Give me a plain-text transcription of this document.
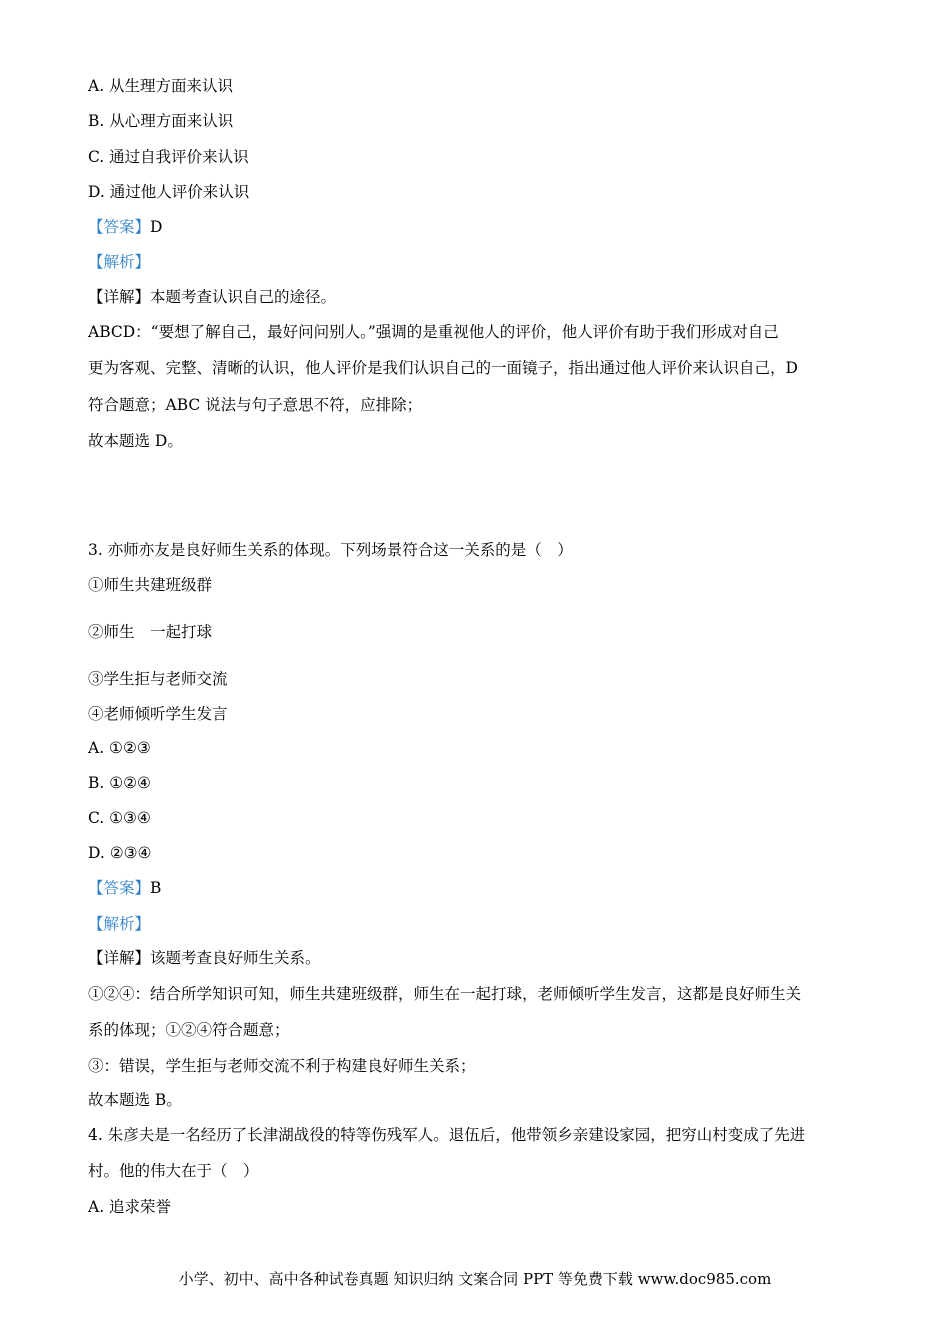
A. 从生理方面来认识
B. 从心理方面来认识
C. 通过自我评价来认识
D. 通过他人评价来认识
【答案】D
【解析】
【详解】本题考查认识自己的途径。
ABCD：“要想了解自己，最好问问别人。”强调的是重视他人的评价，他人评价有助于我们形成对自己
更为客观、完整、清晰的认识，他人评价是我们认识自己的一面镜子，指出通过他人评价来认识自己，D
符合题意；ABC 说法与句子意思不符，应排除；
故本题选 D。
3. 亦师亦友是良好师生关系的体现。下列场景符合这一关系的是（　）
①师生共建班级群
②师生　一起打球
③学生拒与老师交流
④老师倾听学生发言
A. ①②③
B. ①②④
C. ①③④
D. ②③④
【答案】B
【解析】
【详解】该题考查良好师生关系。
①②④：结合所学知识可知，师生共建班级群，师生在一起打球，老师倾听学生发言，这都是良好师生关
系的体现；①②④符合题意；
③：错误，学生拒与老师交流不利于构建良好师生关系；
故本题选 B。
4. 朱彦夫是一名经历了长津湖战役的特等伤残军人。退伍后，他带领乡亲建设家园，把穷山村变成了先进
村。他的伟大在于（　）
A. 追求荣誉
小学、初中、高中各种试卷真题 知识归纳 文案合同 PPT 等免费下载 www.doc985.com
